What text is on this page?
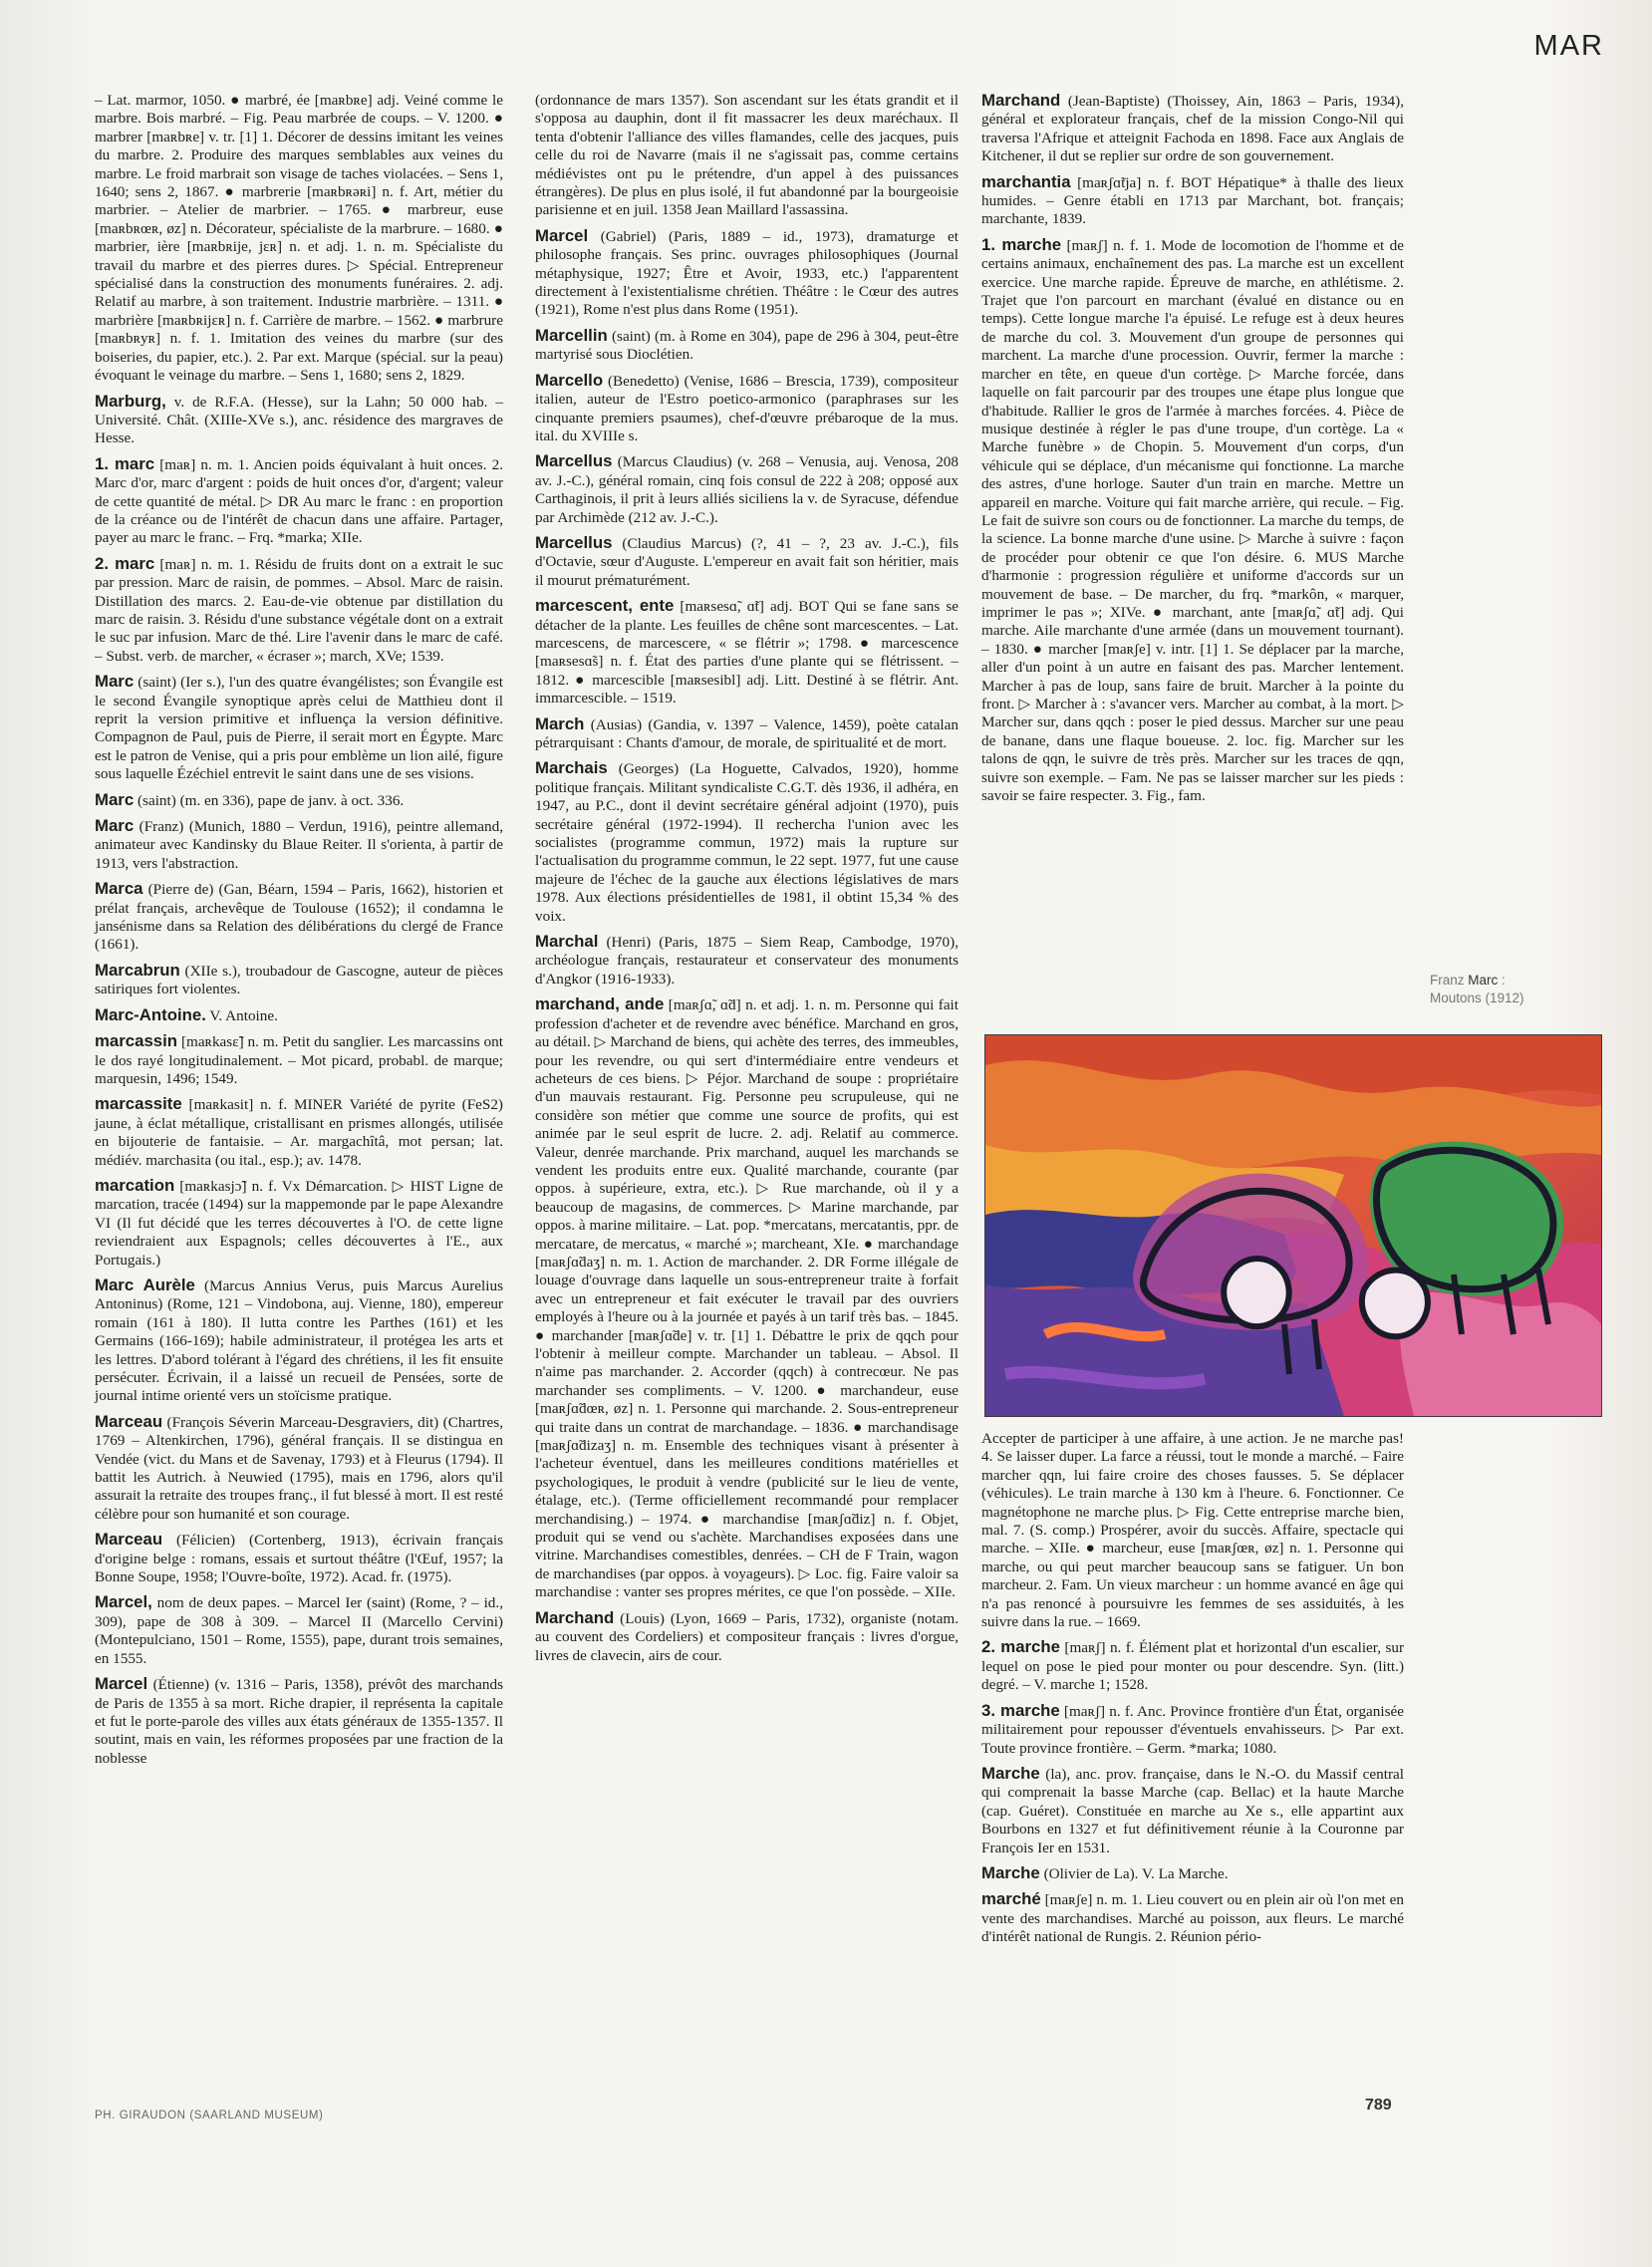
MAR

– Lat. marmor, 1050. ● marbré, ée [maʀbʀe] adj. Veiné comme le marbre. Bois marbré. – Fig. Peau marbrée de coups. – V. 1200. ● marbrer [maʀbʀe] v. tr. [1] 1. Décorer de dessins imitant les veines du marbre. 2. Produire des marques semblables aux veines du marbre. Le froid marbrait son visage de taches violacées. – Sens 1, 1640; sens 2, 1867. ● marbrerie [maʀbʀəʀi] n. f. Art, métier du marbrier. – Atelier de marbrier. – 1765. ● marbreur, euse [maʀbʀœʀ, øz] n. Décorateur, spécialiste de la marbrure. – 1680. ● marbrier, ière [maʀbʀije, jɛʀ] n. et adj. 1. n. m. Spécialiste du travail du marbre et des pierres dures. ▷ Spécial. Entrepreneur spécialisé dans la construction des monuments funéraires. 2. adj. Relatif au marbre, à son traitement. Industrie marbrière. – 1311. ● marbrière [maʀbʀijɛʀ] n. f. Carrière de marbre. – 1562. ● marbrure [maʀbʀyʀ] n. f. 1. Imitation des veines du marbre (sur des boiseries, du papier, etc.). 2. Par ext. Marque (spécial. sur la peau) évoquant le veinage du marbre. – Sens 1, 1680; sens 2, 1829.

Marburg, v. de R.F.A. (Hesse), sur la Lahn; 50 000 hab. – Université. Chât. (XIIIe-XVe s.), anc. résidence des margraves de Hesse.

1. marc [maʀ] n. m. 1. Ancien poids équivalant à huit onces. 2. Marc d'or, marc d'argent : poids de huit onces d'or, d'argent; valeur de cette quantité de métal. ▷ DR Au marc le franc : en proportion de la créance ou de l'intérêt de chacun dans une affaire. Partager, payer au marc le franc. – Frq. *marka; XIIe.

2. marc [maʀ] n. m. 1. Résidu de fruits dont on a extrait le suc par pression. Marc de raisin, de pommes. – Absol. Marc de raisin. Distillation des marcs. 2. Eau-de-vie obtenue par distillation du marc de raisin. 3. Résidu d'une substance végétale dont on a extrait le suc par infusion. Marc de thé. Lire l'avenir dans le marc de café. – Subst. verb. de marcher, « écraser »; march, XVe; 1539.

Marc (saint) (Ier s.), l'un des quatre évangélistes; son Évangile est le second Évangile synoptique après celui de Matthieu dont il reprit la version primitive et influença la version définitive. Compagnon de Paul, puis de Pierre, il serait mort en Égypte. Marc est le patron de Venise, qui a pris pour emblème un lion ailé, figure sous laquelle Ézéchiel entrevit le saint dans une de ses visions.

Marc (saint) (m. en 336), pape de janv. à oct. 336.

Marc (Franz) (Munich, 1880 – Verdun, 1916), peintre allemand, animateur avec Kandinsky du Blaue Reiter. Il s'orienta, à partir de 1913, vers l'abstraction.

Marca (Pierre de) (Gan, Béarn, 1594 – Paris, 1662), historien et prélat français, archevêque de Toulouse (1652); il condamna le jansénisme dans sa Relation des délibérations du clergé de France (1661).

Marcabrun (XIIe s.), troubadour de Gascogne, auteur de pièces satiriques fort violentes.

Marc-Antoine. V. Antoine.

marcassin [maʀkasɛ̃] n. m. Petit du sanglier. Les marcassins ont le dos rayé longitudinalement. – Mot picard, probabl. de marque; marquesin, 1496; 1549.

marcassite [maʀkasit] n. f. MINER Variété de pyrite (FeS2) jaune, à éclat métallique, cristallisant en prismes allongés, utilisée en bijouterie de fantaisie. – Ar. margachîtâ, mot persan; lat. médiév. marchasita (ou ital., esp.); av. 1478.

marcation [maʀkasjɔ̃] n. f. Vx Démarcation. ▷ HIST Ligne de marcation, tracée (1494) sur la mappemonde par le pape Alexandre VI (Il fut décidé que les terres découvertes à l'O. de cette ligne reviendraient aux Espagnols; celles découvertes à l'E., aux Portugais.)

Marc Aurèle (Marcus Annius Verus, puis Marcus Aurelius Antoninus) (Rome, 121 – Vindobona, auj. Vienne, 180), empereur romain (161 à 180). Il lutta contre les Parthes (161) et les Germains (166-169); habile administrateur, il protégea les arts et les lettres. D'abord tolérant à l'égard des chrétiens, il les fit ensuite persécuter. Écrivain, il a laissé un recueil de Pensées, sorte de journal intime orienté vers un stoïcisme pratique.

Marceau (François Séverin Marceau-Desgraviers, dit) (Chartres, 1769 – Altenkirchen, 1796), général français. Il se distingua en Vendée (vict. du Mans et de Savenay, 1793) et à Fleurus (1794). Il battit les Autrich. à Neuwied (1795), mais en 1796, alors qu'il assurait la retraite des troupes franç., il fut blessé à mort. Il est resté célèbre pour son humanité et son courage.

Marceau (Félicien) (Cortenberg, 1913), écrivain français d'origine belge : romans, essais et surtout théâtre (l'Œuf, 1957; la Bonne Soupe, 1958; l'Ouvre-boîte, 1972). Acad. fr. (1975).

Marcel, nom de deux papes. – Marcel Ier (saint) (Rome, ? – id., 309), pape de 308 à 309. – Marcel II (Marcello Cervini) (Montepulciano, 1501 – Rome, 1555), pape, durant trois semaines, en 1555.

Marcel (Étienne) (v. 1316 – Paris, 1358), prévôt des marchands de Paris de 1355 à sa mort. Riche drapier, il représenta la capitale et fut le porte-parole des villes aux états généraux de 1355-1357. Il soutint, mais en vain, les réformes proposées par une fraction de la noblesse

(ordonnance de mars 1357). Son ascendant sur les états grandit et il s'opposa au dauphin, dont il fit massacrer les deux maréchaux. Il tenta d'obtenir l'alliance des villes flamandes, celle des jacques, puis celle du roi de Navarre (mais il ne s'agissait pas, comme certains médiévistes ont pu le prétendre, d'un appel à des puissances étrangères). De plus en plus isolé, il fut abandonné par la bourgeoisie parisienne et en juil. 1358 Jean Maillard l'assassina.

Marcel (Gabriel) (Paris, 1889 – id., 1973), dramaturge et philosophe français. Ses princ. ouvrages philosophiques (Journal métaphysique, 1927; Être et Avoir, 1933, etc.) l'apparentent directement à l'existentialisme chrétien. Théâtre : le Cœur des autres (1921), Rome n'est plus dans Rome (1951).

Marcellin (saint) (m. à Rome en 304), pape de 296 à 304, peut-être martyrisé sous Dioclétien.

Marcello (Benedetto) (Venise, 1686 – Brescia, 1739), compositeur italien, auteur de l'Estro poetico-armonico (paraphrases sur les cinquante premiers psaumes), chef-d'œuvre prébaroque de la mus. ital. du XVIIIe s.

Marcellus (Marcus Claudius) (v. 268 – Venusia, auj. Venosa, 208 av. J.-C.), général romain, cinq fois consul de 222 à 208; opposé aux Carthaginois, il prit à leurs alliés siciliens la v. de Syracuse, défendue par Archimède (212 av. J.-C.).

Marcellus (Claudius Marcus) (?, 41 – ?, 23 av. J.-C.), fils d'Octavie, sœur d'Auguste. L'empereur en avait fait son héritier, mais il mourut prématurément.

marcescent, ente [maʀsesɑ̃, ɑ̃t] adj. BOT Qui se fane sans se détacher de la plante. Les feuilles de chêne sont marcescentes. – Lat. marcescens, de marcescere, « se flétrir »; 1798. ● marcescence [maʀsesɑ̃s] n. f. État des parties d'une plante qui se flétrissent. – 1812. ● marcescible [maʀsesibl] adj. Litt. Destiné à se flétrir. Ant. immarcescible. – 1519.

March (Ausias) (Gandia, v. 1397 – Valence, 1459), poète catalan pétrarquisant : Chants d'amour, de morale, de spiritualité et de mort.

Marchais (Georges) (La Hoguette, Calvados, 1920), homme politique français. Militant syndicaliste C.G.T. dès 1936, il adhéra, en 1947, au P.C., dont il devint secrétaire général adjoint (1970), puis secrétaire général (1972-1994). Il rechercha l'union avec les socialistes (programme commun, 1972) mais la rupture sur l'actualisation du programme commun, le 22 sept. 1977, fut une cause majeure de l'échec de la gauche aux élections législatives de mars 1978. Aux élections présidentielles de 1981, il obtint 15,34 % des voix.

Marchal (Henri) (Paris, 1875 – Siem Reap, Cambodge, 1970), archéologue français, restaurateur et conservateur des monuments d'Angkor (1916-1933).

marchand, ande [maʀʃɑ̃, ɑ̃d] n. et adj. 1. n. m. Personne qui fait profession d'acheter et de revendre avec bénéfice. Marchand en gros, au détail. ▷ Marchand de biens, qui achète des terres, des immeubles, pour les revendre, ou qui sert d'intermédiaire entre vendeurs et acheteurs de ces biens. ▷ Péjor. Marchand de soupe : propriétaire d'un mauvais restaurant. Fig. Personne peu scrupuleuse, qui ne considère son métier que comme une source de profits, qui est animée par le seul esprit de lucre. 2. adj. Relatif au commerce. Valeur, denrée marchande. Prix marchand, auquel les marchands se vendent les produits entre eux. Qualité marchande, courante (par oppos. à supérieure, extra, etc.). ▷ Rue marchande, où il y a beaucoup de magasins, de commerces. ▷ Marine marchande, par oppos. à marine militaire. – Lat. pop. *mercatans, mercatantis, ppr. de mercatare, de mercatus, « marché »; marcheant, XIe. ● marchandage [maʀʃɑ̃daʒ] n. m. 1. Action de marchander. 2. DR Forme illégale de louage d'ouvrage dans laquelle un sous-entrepreneur traite à forfait avec un entrepreneur et fait exécuter le travail par des ouvriers employés à l'heure ou à la journée et payés à un tarif très bas. – 1845. ● marchander [maʀʃɑ̃de] v. tr. [1] 1. Débattre le prix de qqch pour l'obtenir à meilleur compte. Marchander un tableau. – Absol. Il n'aime pas marchander. 2. Accorder (qqch) à contrecœur. Ne pas marchander ses compliments. – V. 1200. ● marchandeur, euse [maʀʃɑ̃dœʀ, øz] n. 1. Personne qui marchande. 2. Sous-entrepreneur qui traite dans un contrat de marchandage. – 1836. ● marchandisage [maʀʃɑ̃dizaʒ] n. m. Ensemble des techniques visant à présenter à l'acheteur éventuel, dans les meilleures conditions matérielles et psychologiques, le produit à vendre (publicité sur le lieu de vente, étalage, etc.). (Terme officiellement recommandé pour remplacer merchandising.) – 1974. ● marchandise [maʀʃɑ̃diz] n. f. Objet, produit qui se vend ou s'achète. Marchandises exposées dans une vitrine. Marchandises comestibles, denrées. – CH de F Train, wagon de marchandises (par oppos. à voyageurs). ▷ Loc. fig. Faire valoir sa marchandise : vanter ses propres mérites, ce que l'on possède. – XIIe.

Marchand (Louis) (Lyon, 1669 – Paris, 1732), organiste (notam. au couvent des Cordeliers) et compositeur français : livres d'orgue, livres de clavecin, airs de cour.

Marchand (Jean-Baptiste) (Thoissey, Ain, 1863 – Paris, 1934), général et explorateur français, chef de la mission Congo-Nil qui traversa l'Afrique et atteignit Fachoda en 1898. Face aux Anglais de Kitchener, il dut se replier sur ordre de son gouvernement.

marchantia [maʀʃɑ̃tja] n. f. BOT Hépatique* à thalle des lieux humides. – Genre établi en 1713 par Marchant, bot. français; marchante, 1839.

1. marche [maʀʃ] n. f. 1. Mode de locomotion de l'homme et de certains animaux, enchaînement des pas. La marche est un excellent exercice. Une marche rapide. Épreuve de marche, en athlétisme. 2. Trajet que l'on parcourt en marchant (évalué en distance ou en temps). Cette longue marche l'a épuisé. Le refuge est à deux heures de marche du col. 3. Mouvement d'un groupe de personnes qui marchent. La marche d'une procession. Ouvrir, fermer la marche : marcher en tête, en queue d'un cortège. ▷ Marche forcée, dans laquelle on fait parcourir par des troupes une étape plus longue que d'habitude. Rallier le gros de l'armée à marches forcées. 4. Pièce de musique destinée à régler le pas d'une troupe, d'un cortège. La « Marche funèbre » de Chopin. 5. Mouvement d'un corps, d'un véhicule qui se déplace, d'un mécanisme qui fonctionne. La marche des astres, d'une horloge. Sauter d'un train en marche. Mettre un appareil en marche. Voiture qui fait marche arrière, qui recule. – Fig. Le fait de suivre son cours ou de fonctionner. La marche du temps, de la science. La bonne marche d'une usine. ▷ Marche à suivre : façon de procéder pour obtenir ce que l'on désire. 6. MUS Marche d'harmonie : progression régulière et uniforme d'accords sur un mouvement de base. – De marcher, du frq. *markôn, « marquer, imprimer le pas »; XIVe. ● marchant, ante [maʀʃɑ̃, ɑ̃t] adj. Qui marche. Aile marchante d'une armée (dans un mouvement tournant). – 1830. ● marcher [maʀʃe] v. intr. [1] 1. Se déplacer par la marche, aller d'un point à un autre en faisant des pas. Marcher lentement. Marcher à pas de loup, sans faire de bruit. Marcher à la pointe du front. ▷ Marcher à : s'avancer vers. Marcher au combat, à la mort. ▷ Marcher sur, dans qqch : poser le pied dessus. Marcher sur une peau de banane, dans une flaque boueuse. 2. loc. fig. Marcher sur les talons de qqn, le suivre de très près. Marcher sur les traces de qqn, suivre son exemple. – Fam. Ne pas se laisser marcher sur les pieds : savoir se faire respecter. 3. Fig., fam.

Franz Marc :
Moutons (1912)

Accepter de participer à une affaire, à une action. Je ne marche pas! 4. Se laisser duper. La farce a réussi, tout le monde a marché. – Faire marcher qqn, lui faire croire des choses fausses. 5. Se déplacer (véhicules). Le train marche à 130 km à l'heure. 6. Fonctionner. Ce magnétophone ne marche plus. ▷ Fig. Cette entreprise marche bien, mal. 7. (S. comp.) Prospérer, avoir du succès. Affaire, spectacle qui marche. – XIIe. ● marcheur, euse [maʀʃœʀ, øz] n. 1. Personne qui marche, ou qui peut marcher beaucoup sans se fatiguer. Un bon marcheur. 2. Fam. Un vieux marcheur : un homme avancé en âge qui n'a pas renoncé à poursuivre les femmes de ses assiduités, à les suivre dans la rue. – 1669.

2. marche [maʀʃ] n. f. Élément plat et horizontal d'un escalier, sur lequel on pose le pied pour monter ou pour descendre. Syn. (litt.) degré. – V. marche 1; 1528.

3. marche [maʀʃ] n. f. Anc. Province frontière d'un État, organisée militairement pour repousser d'éventuels envahisseurs. ▷ Par ext. Toute province frontière. – Germ. *marka; 1080.

Marche (la), anc. prov. française, dans le N.-O. du Massif central qui comprenait la basse Marche (cap. Bellac) et la haute Marche (cap. Guéret). Constituée en marche au Xe s., elle appartint aux Bourbons en 1327 et fut définitivement réunie à la Couronne par François Ier en 1531.

Marche (Olivier de La). V. La Marche.

marché [maʀʃe] n. m. 1. Lieu couvert ou en plein air où l'on met en vente des marchandises. Marché au poisson, aux fleurs. Le marché d'intérêt national de Rungis. 2. Réunion pério-

PH. GIRAUDON (SAARLAND MUSEUM)
789
